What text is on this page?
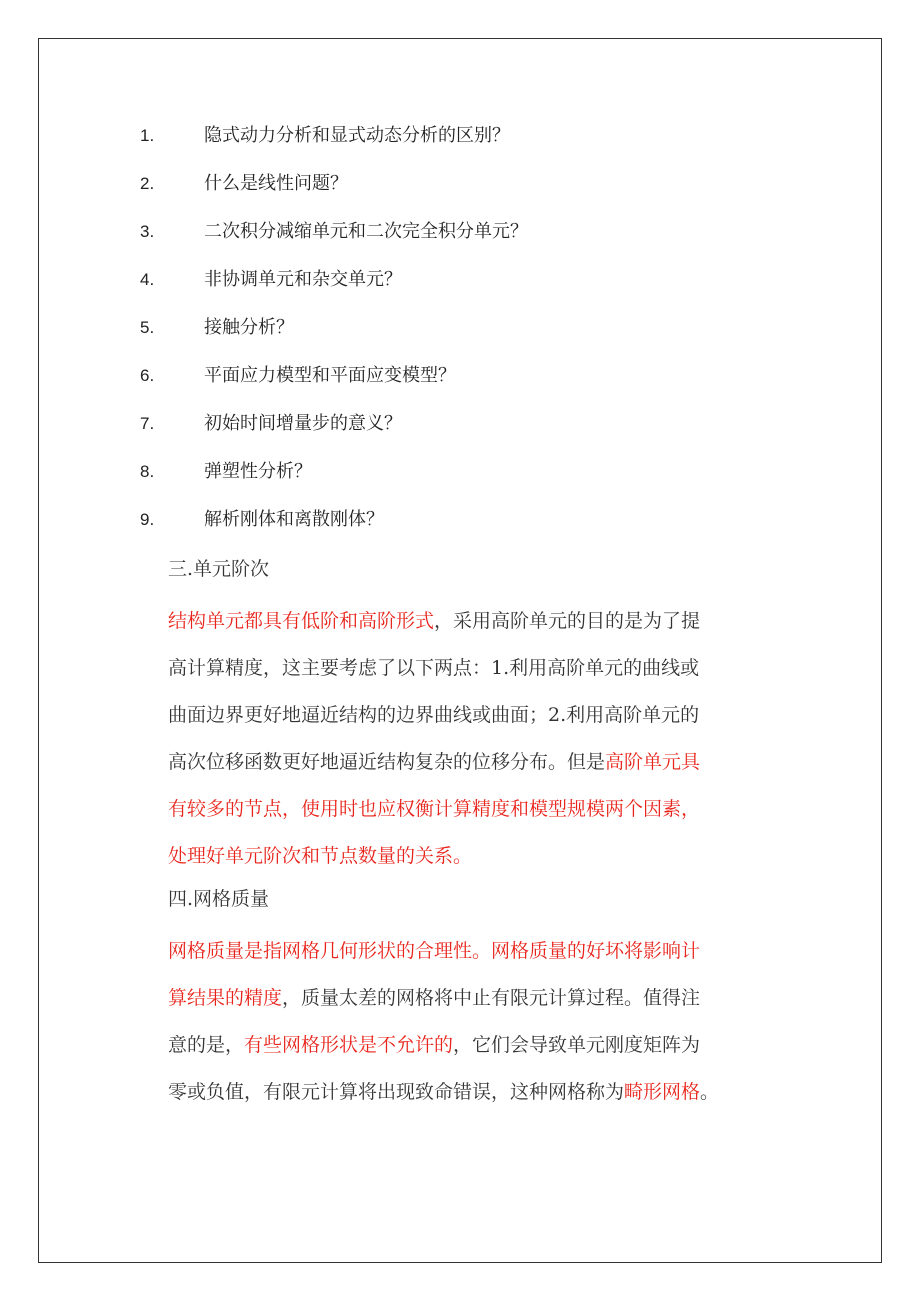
1.	隐式动力分析和显式动态分析的区别？
2.	什么是线性问题？
3.	二次积分减缩单元和二次完全积分单元？
4.	非协调单元和杂交单元？
5.	接触分析？
6.	平面应力模型和平面应变模型？
7.	初始时间增量步的意义？
8.	弹塑性分析？
9.	解析刚体和离散刚体？
三.单元阶次
结构单元都具有低阶和高阶形式，采用高阶单元的目的是为了提
高计算精度，这主要考虑了以下两点：1.利用高阶单元的曲线或
曲面边界更好地逼近结构的边界曲线或曲面；2.利用高阶单元的
高次位移函数更好地逼近结构复杂的位移分布。但是高阶单元具
有较多的节点，使用时也应权衡计算精度和模型规模两个因素，
处理好单元阶次和节点数量的关系。
四.网格质量
网格质量是指网格几何形状的合理性。网格质量的好坏将影响计
算结果的精度，质量太差的网格将中止有限元计算过程。值得注
意的是，有些网格形状是不允许的，它们会导致单元刚度矩阵为
零或负值，有限元计算将出现致命错误，这种网格称为畸形网格。
